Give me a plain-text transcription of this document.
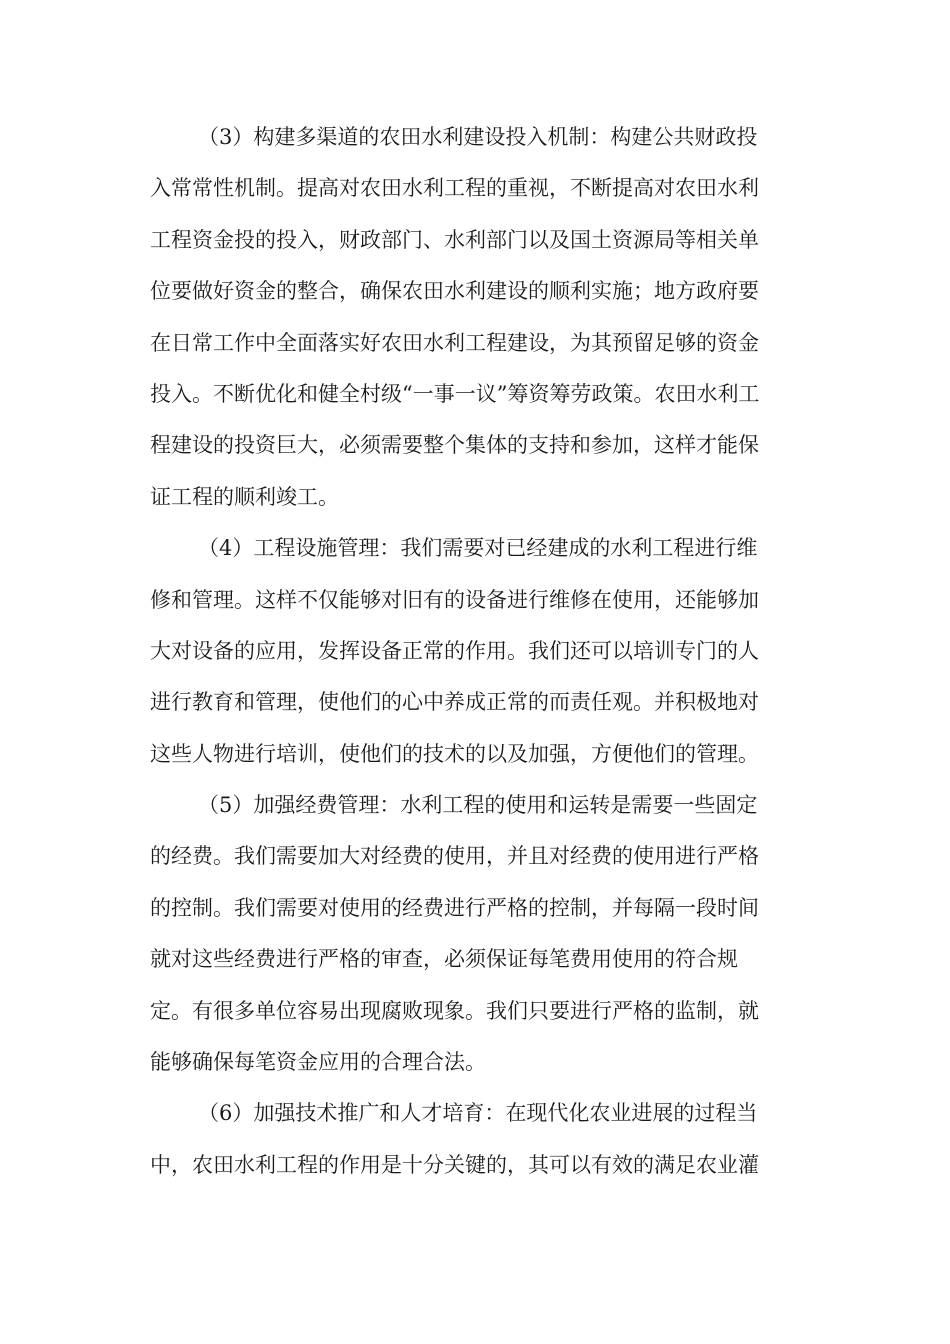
（3）构建多渠道的农田水利建设投入机制：构建公共财政投
入常常性机制。提高对农田水利工程的重视，不断提高对农田水利
工程资金投的投入，财政部门、水利部门以及国土资源局等相关单
位要做好资金的整合，确保农田水利建设的顺利实施；地方政府要
在日常工作中全面落实好农田水利工程建设，为其预留足够的资金
投入。不断优化和健全村级“一事一议”筹资筹劳政策。农田水利工
程建设的投资巨大，必须需要整个集体的支持和参加，这样才能保
证工程的顺利竣工。
（4）工程设施管理：我们需要对已经建成的水利工程进行维
修和管理。这样不仅能够对旧有的设备进行维修在使用，还能够加
大对设备的应用，发挥设备正常的作用。我们还可以培训专门的人
进行教育和管理，使他们的心中养成正常的而责任观。并积极地对
这些人物进行培训，使他们的技术的以及加强，方便他们的管理。
（5）加强经费管理：水利工程的使用和运转是需要一些固定
的经费。我们需要加大对经费的使用，并且对经费的使用进行严格
的控制。我们需要对使用的经费进行严格的控制，并每隔一段时间
就对这些经费进行严格的审查，必须保证每笔费用使用的符合规
定。有很多单位容易出现腐败现象。我们只要进行严格的监制，就
能够确保每笔资金应用的合理合法。
（6）加强技术推广和人才培育：在现代化农业进展的过程当
中，农田水利工程的作用是十分关键的，其可以有效的满足农业灌
